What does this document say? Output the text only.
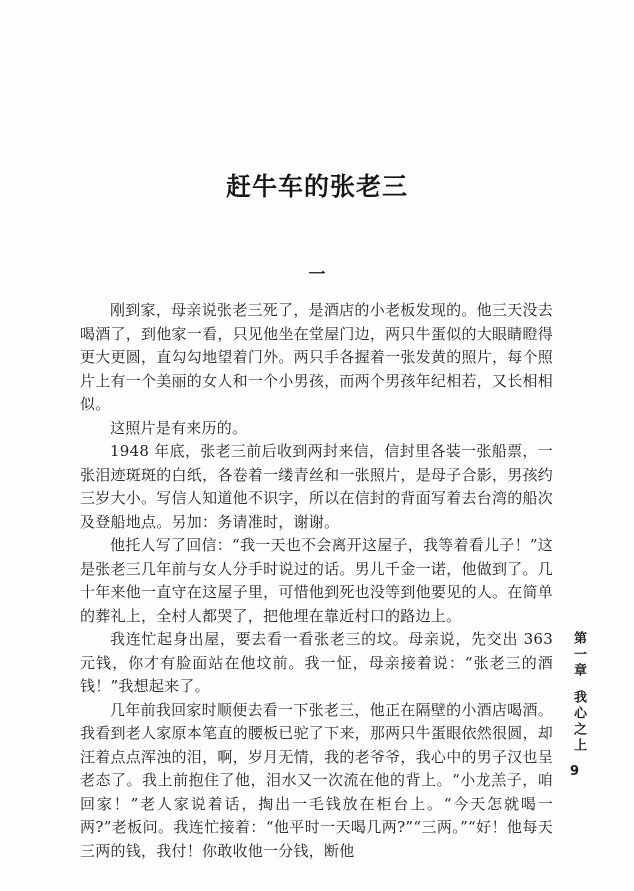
赶牛车的张老三
一

刚到家，母亲说张老三死了，是酒店的小老板发现的。他三天没去喝酒了，到他家一看，只见他坐在堂屋门边，两只牛蛋似的大眼睛瞪得更大更圆，直勾勾地望着门外。两只手各握着一张发黄的照片，每个照片上有一个美丽的女人和一个小男孩，而两个男孩年纪相若，又长相相似。

这照片是有来历的。

1948 年底，张老三前后收到两封来信，信封里各装一张船票，一张泪迹斑斑的白纸，各卷着一缕青丝和一张照片，是母子合影，男孩约三岁大小。写信人知道他不识字，所以在信封的背面写着去台湾的船次及登船地点。另加：务请准时，谢谢。

他托人写了回信：“我一天也不会离开这屋子，我等着看儿子！”这是张老三几年前与女人分手时说过的话。男儿千金一诺，他做到了。几十年来他一直守在这屋子里，可惜他到死也没等到他要见的人。在简单的葬礼上，全村人都哭了，把他埋在靠近村口的路边上。

我连忙起身出屋，要去看一看张老三的坟。母亲说，先交出 363 元钱，你才有脸面站在他坟前。我一怔，母亲接着说：“张老三的酒钱！”我想起来了。

几年前我回家时顺便去看一下张老三，他正在隔壁的小酒店喝酒。我看到老人家原本笔直的腰板已驼了下来，那两只牛蛋眼依然很圆，却汪着点点浑浊的泪，啊，岁月无情，我的老爷爷，我心中的男子汉也呈老态了。我上前抱住了他，泪水又一次流在他的背上。“小龙羔子，咱回家！”老人家说着话，掏出一毛钱放在柜台上。“今天怎就喝一两?”老板问。我连忙接着：“他平时一天喝几两?”“三两。”“好！他每天三两的钱，我付！你敢收他一分钱，断他

第一章我心之上
9
